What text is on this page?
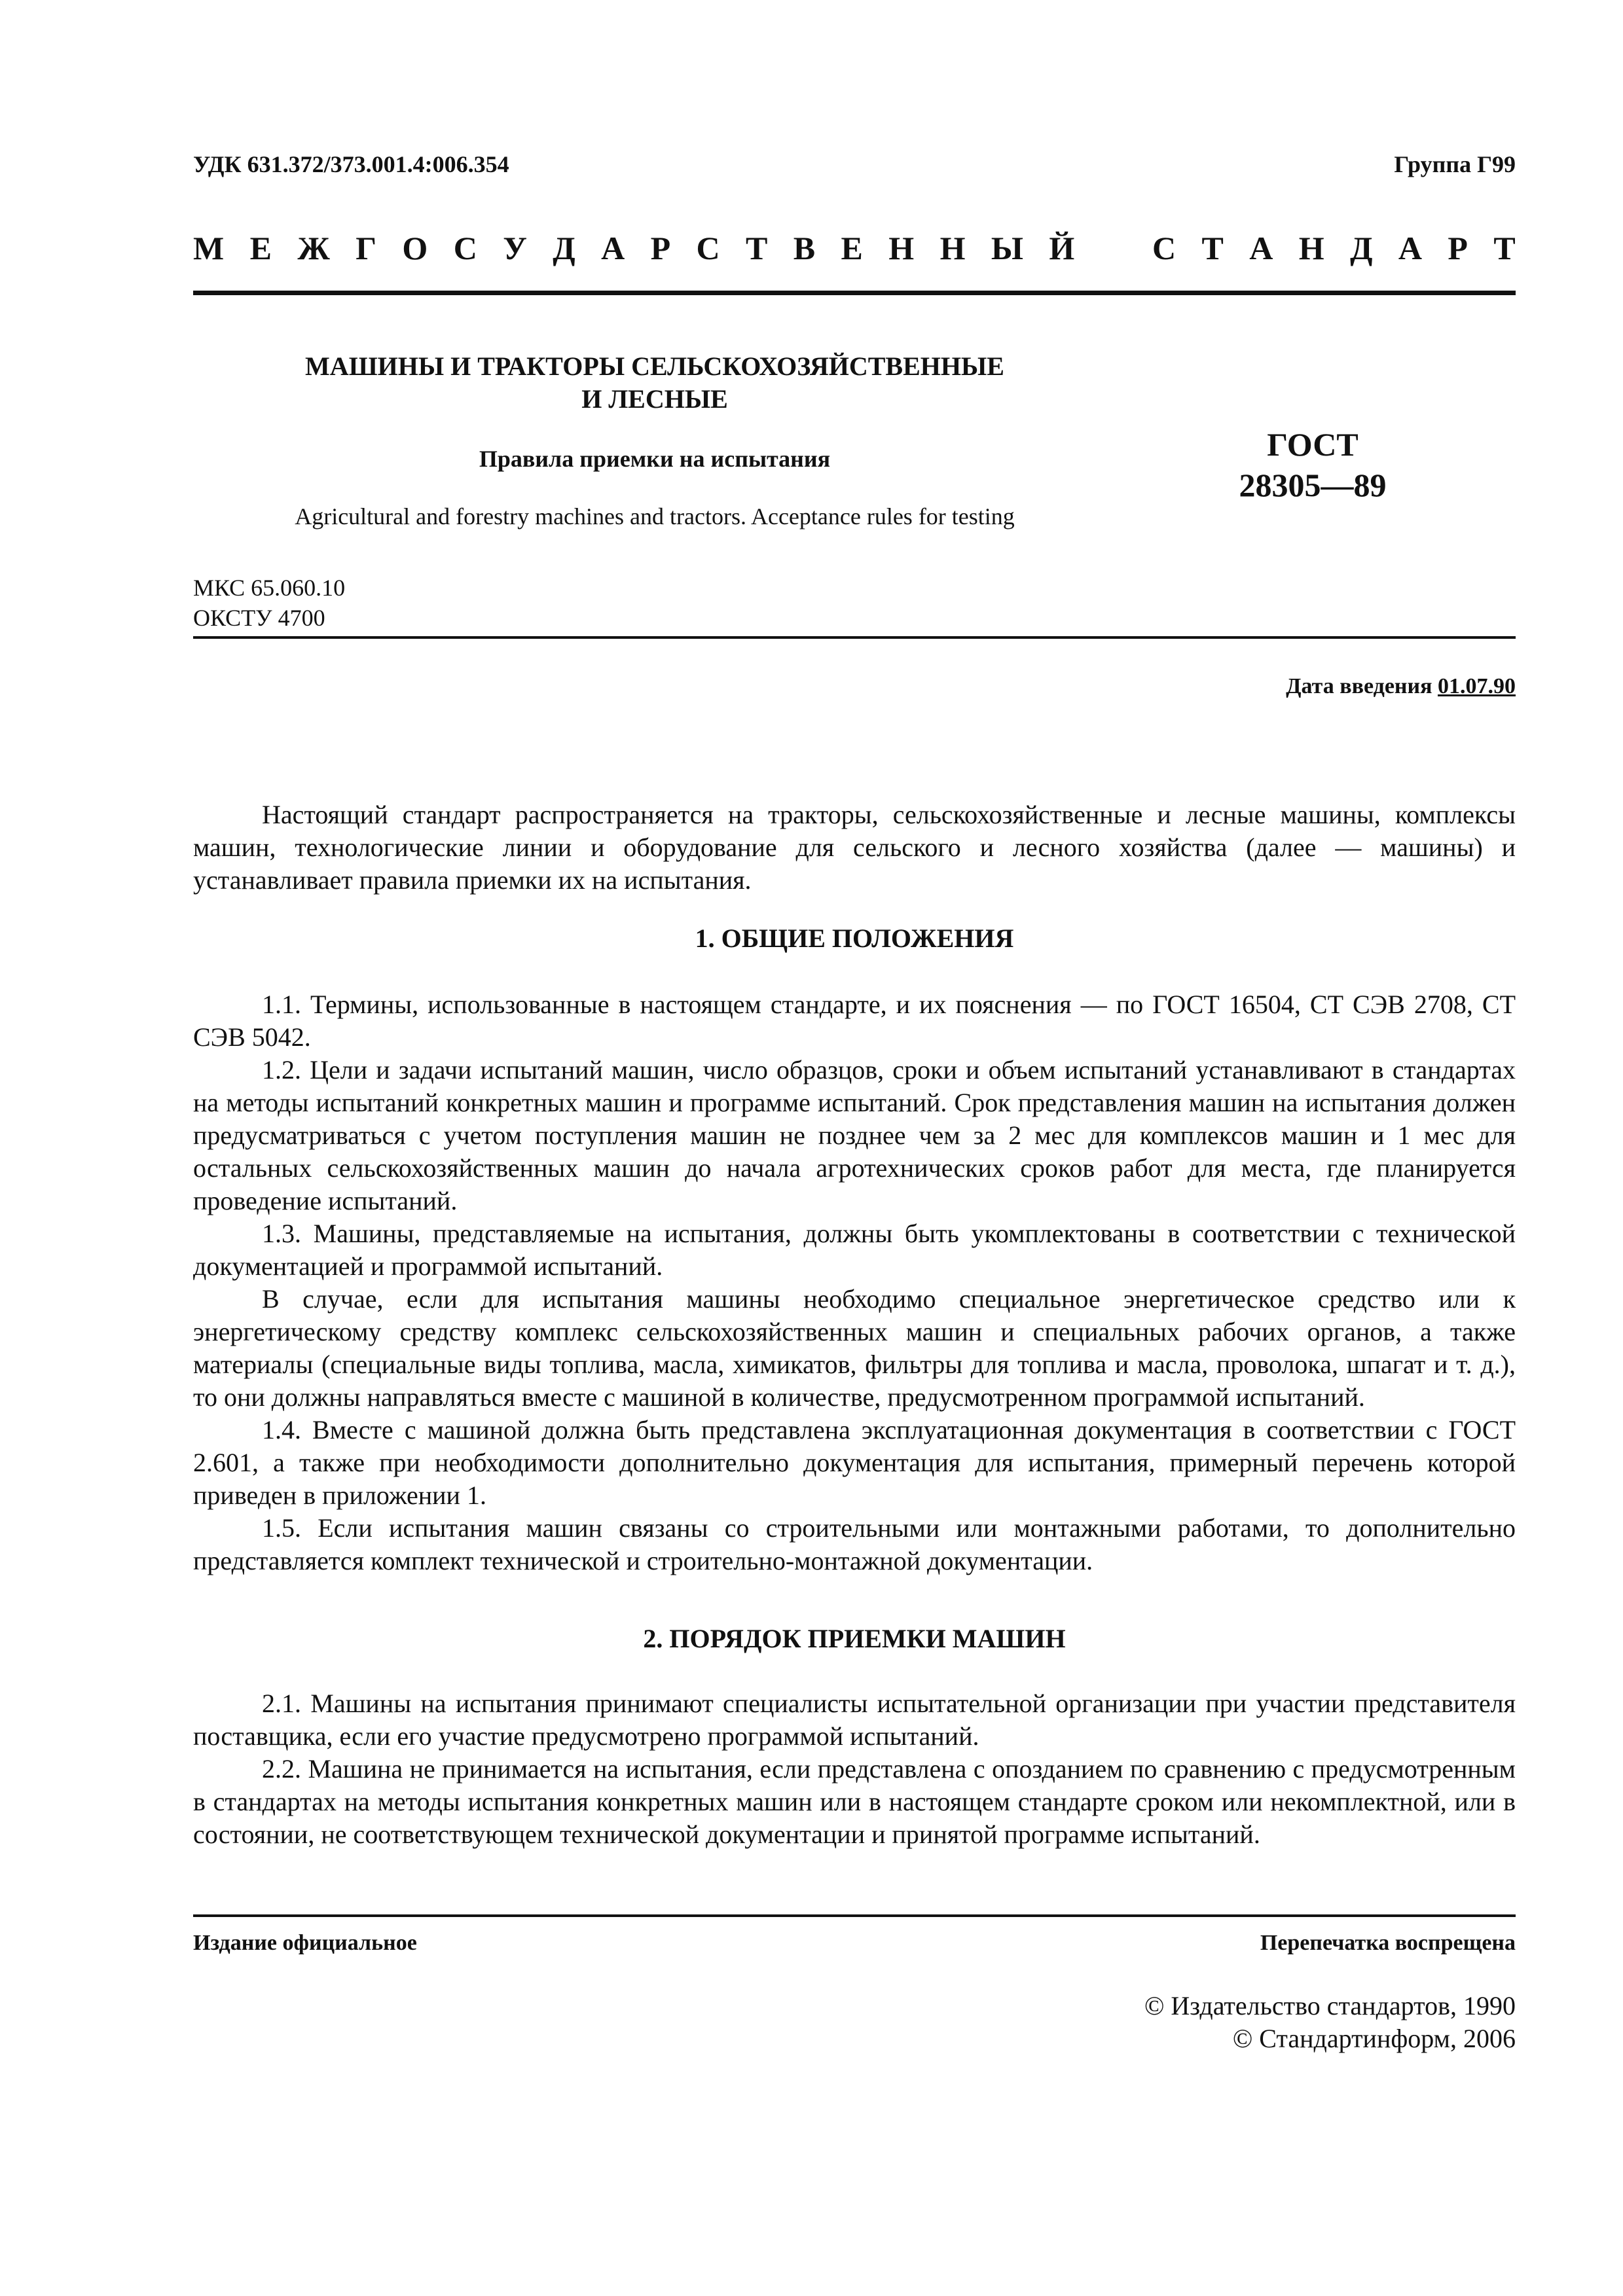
УДК 631.372/373.001.4:006.354	Группа Г99
М Е Ж Г О С У Д А Р С Т В Е Н Н Ы Й С Т А Н Д А Р Т
МАШИНЫ И ТРАКТОРЫ СЕЛЬСКОХОЗЯЙСТВЕННЫЕ
И ЛЕСНЫЕ
Правила приемки на испытания
Agricultural and forestry machines and tractors. Acceptance rules for testing
ГОСТ
28305—89
МКС 65.060.10
ОКСТУ 4700
Дата введения 01.07.90

Настоящий стандарт распространяется на тракторы, сельскохозяйственные и лесные машины, комплексы машин, технологические линии и оборудование для сельского и лесного хозяйства (далее — машины) и устанавливает правила приемки их на испытания.

1. ОБЩИЕ ПОЛОЖЕНИЯ

1.1. Термины, использованные в настоящем стандарте, и их пояснения — по ГОСТ 16504, СТ СЭВ 2708, СТ СЭВ 5042.

1.2. Цели и задачи испытаний машин, число образцов, сроки и объем испытаний устанавливают в стандартах на методы испытаний конкретных машин и программе испытаний. Срок представления машин на испытания должен предусматриваться с учетом поступления машин не позднее чем за 2 мес для комплексов машин и 1 мес для остальных сельскохозяйственных машин до начала агротехнических сроков работ для места, где планируется проведение испытаний.

1.3. Машины, представляемые на испытания, должны быть укомплектованы в соответствии с технической документацией и программой испытаний.

В случае, если для испытания машины необходимо специальное энергетическое средство или к энергетическому средству комплекс сельскохозяйственных машин и специальных рабочих органов, а также материалы (специальные виды топлива, масла, химикатов, фильтры для топлива и масла, проволока, шпагат и т. д.), то они должны направляться вместе с машиной в количестве, предусмотренном программой испытаний.

1.4. Вместе с машиной должна быть представлена эксплуатационная документация в соответствии с ГОСТ 2.601, а также при необходимости дополнительно документация для испытания, примерный перечень которой приведен в приложении 1.

1.5. Если испытания машин связаны со строительными или монтажными работами, то дополнительно представляется комплект технической и строительно-монтажной документации.

2. ПОРЯДОК ПРИЕМКИ МАШИН

2.1. Машины на испытания принимают специалисты испытательной организации при участии представителя поставщика, если его участие предусмотрено программой испытаний.

2.2. Машина не принимается на испытания, если представлена с опозданием по сравнению с предусмотренным в стандартах на методы испытания конкретных машин или в настоящем стандарте сроком или некомплектной, или в состоянии, не соответствующем технической документации и принятой программе испытаний.

Издание официальное	Перепечатка воспрещена
© Издательство стандартов, 1990
© Стандартинформ, 2006
